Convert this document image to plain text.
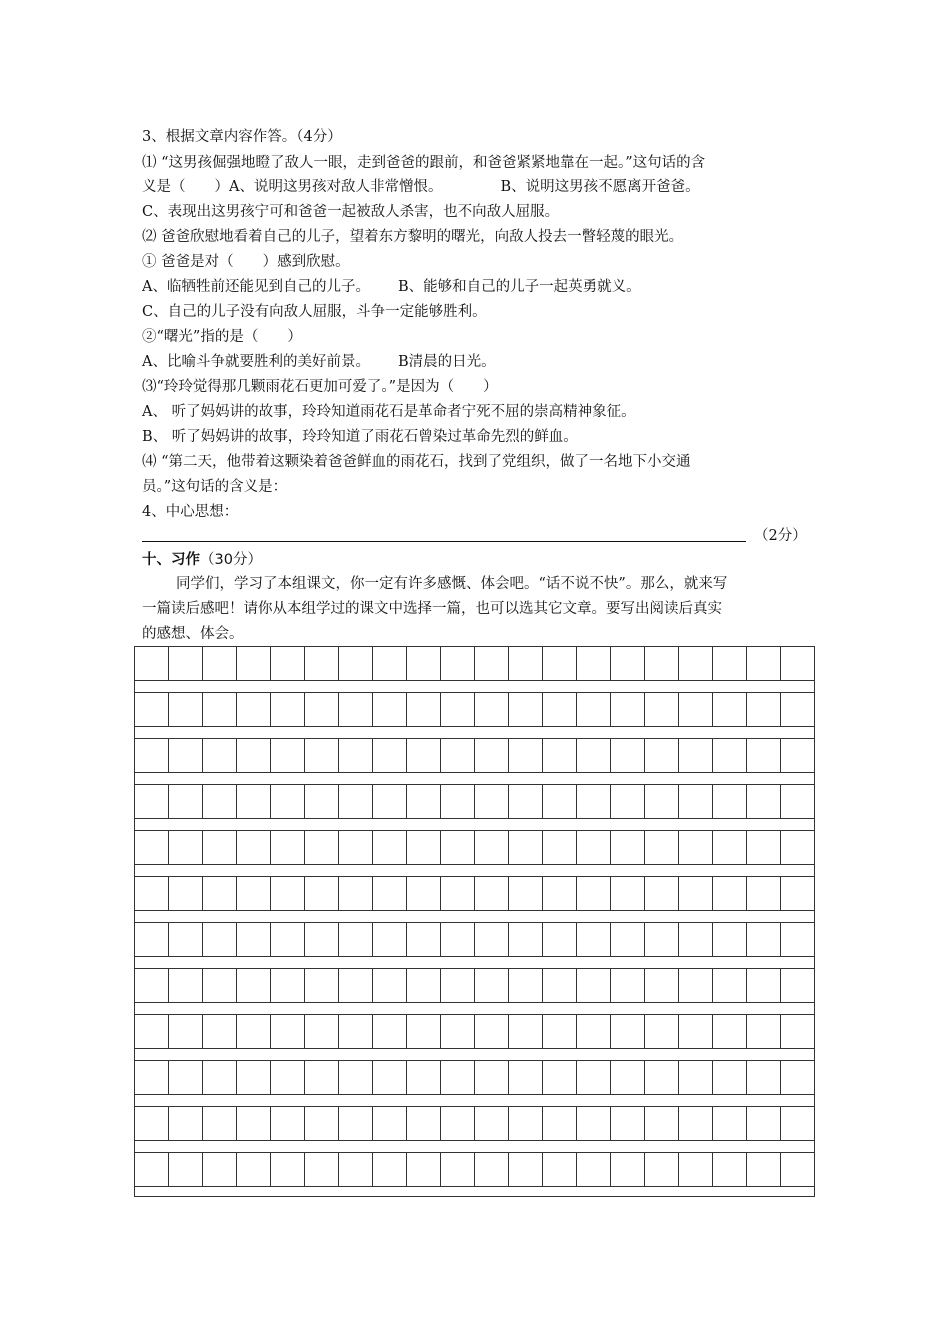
3、根据文章内容作答。（4分）
⑴ “这男孩倔强地瞪了敌人一眼，走到爸爸的跟前，和爸爸紧紧地靠在一起。”这句话的含
义是（　　）A、说明这男孩对敌人非常憎恨。	B、说明这男孩不愿离开爸爸。
C、表现出这男孩宁可和爸爸一起被敌人杀害，也不向敌人屈服。
⑵ 爸爸欣慰地看着自己的儿子，望着东方黎明的曙光，向敌人投去一瞥轻蔑的眼光。
① 爸爸是对（　　）感到欣慰。
A、临牺牲前还能见到自己的儿子。 B、能够和自己的儿子一起英勇就义。
C、自己的儿子没有向敌人屈服，斗争一定能够胜利。
②“曙光”指的是（　　）
A、比喻斗争就要胜利的美好前景。 B清晨的日光。
⑶“玲玲觉得那几颗雨花石更加可爱了。”是因为（　　）
A、 听了妈妈讲的故事，玲玲知道雨花石是革命者宁死不屈的崇高精神象征。
B、 听了妈妈讲的故事，玲玲知道了雨花石曾染过革命先烈的鲜血。
⑷ “第二天，他带着这颗染着爸爸鲜血的雨花石，找到了党组织，做了一名地下小交通
员。”这句话的含义是：
4、中心思想：
（2分）
十、习作（30分）
同学们，学习了本组课文，你一定有许多感慨、体会吧。“话不说不快”。那么，就来写
一篇读后感吧！请你从本组学过的课文中选择一篇，也可以选其它文章。要写出阅读后真实
的感想、体会。
